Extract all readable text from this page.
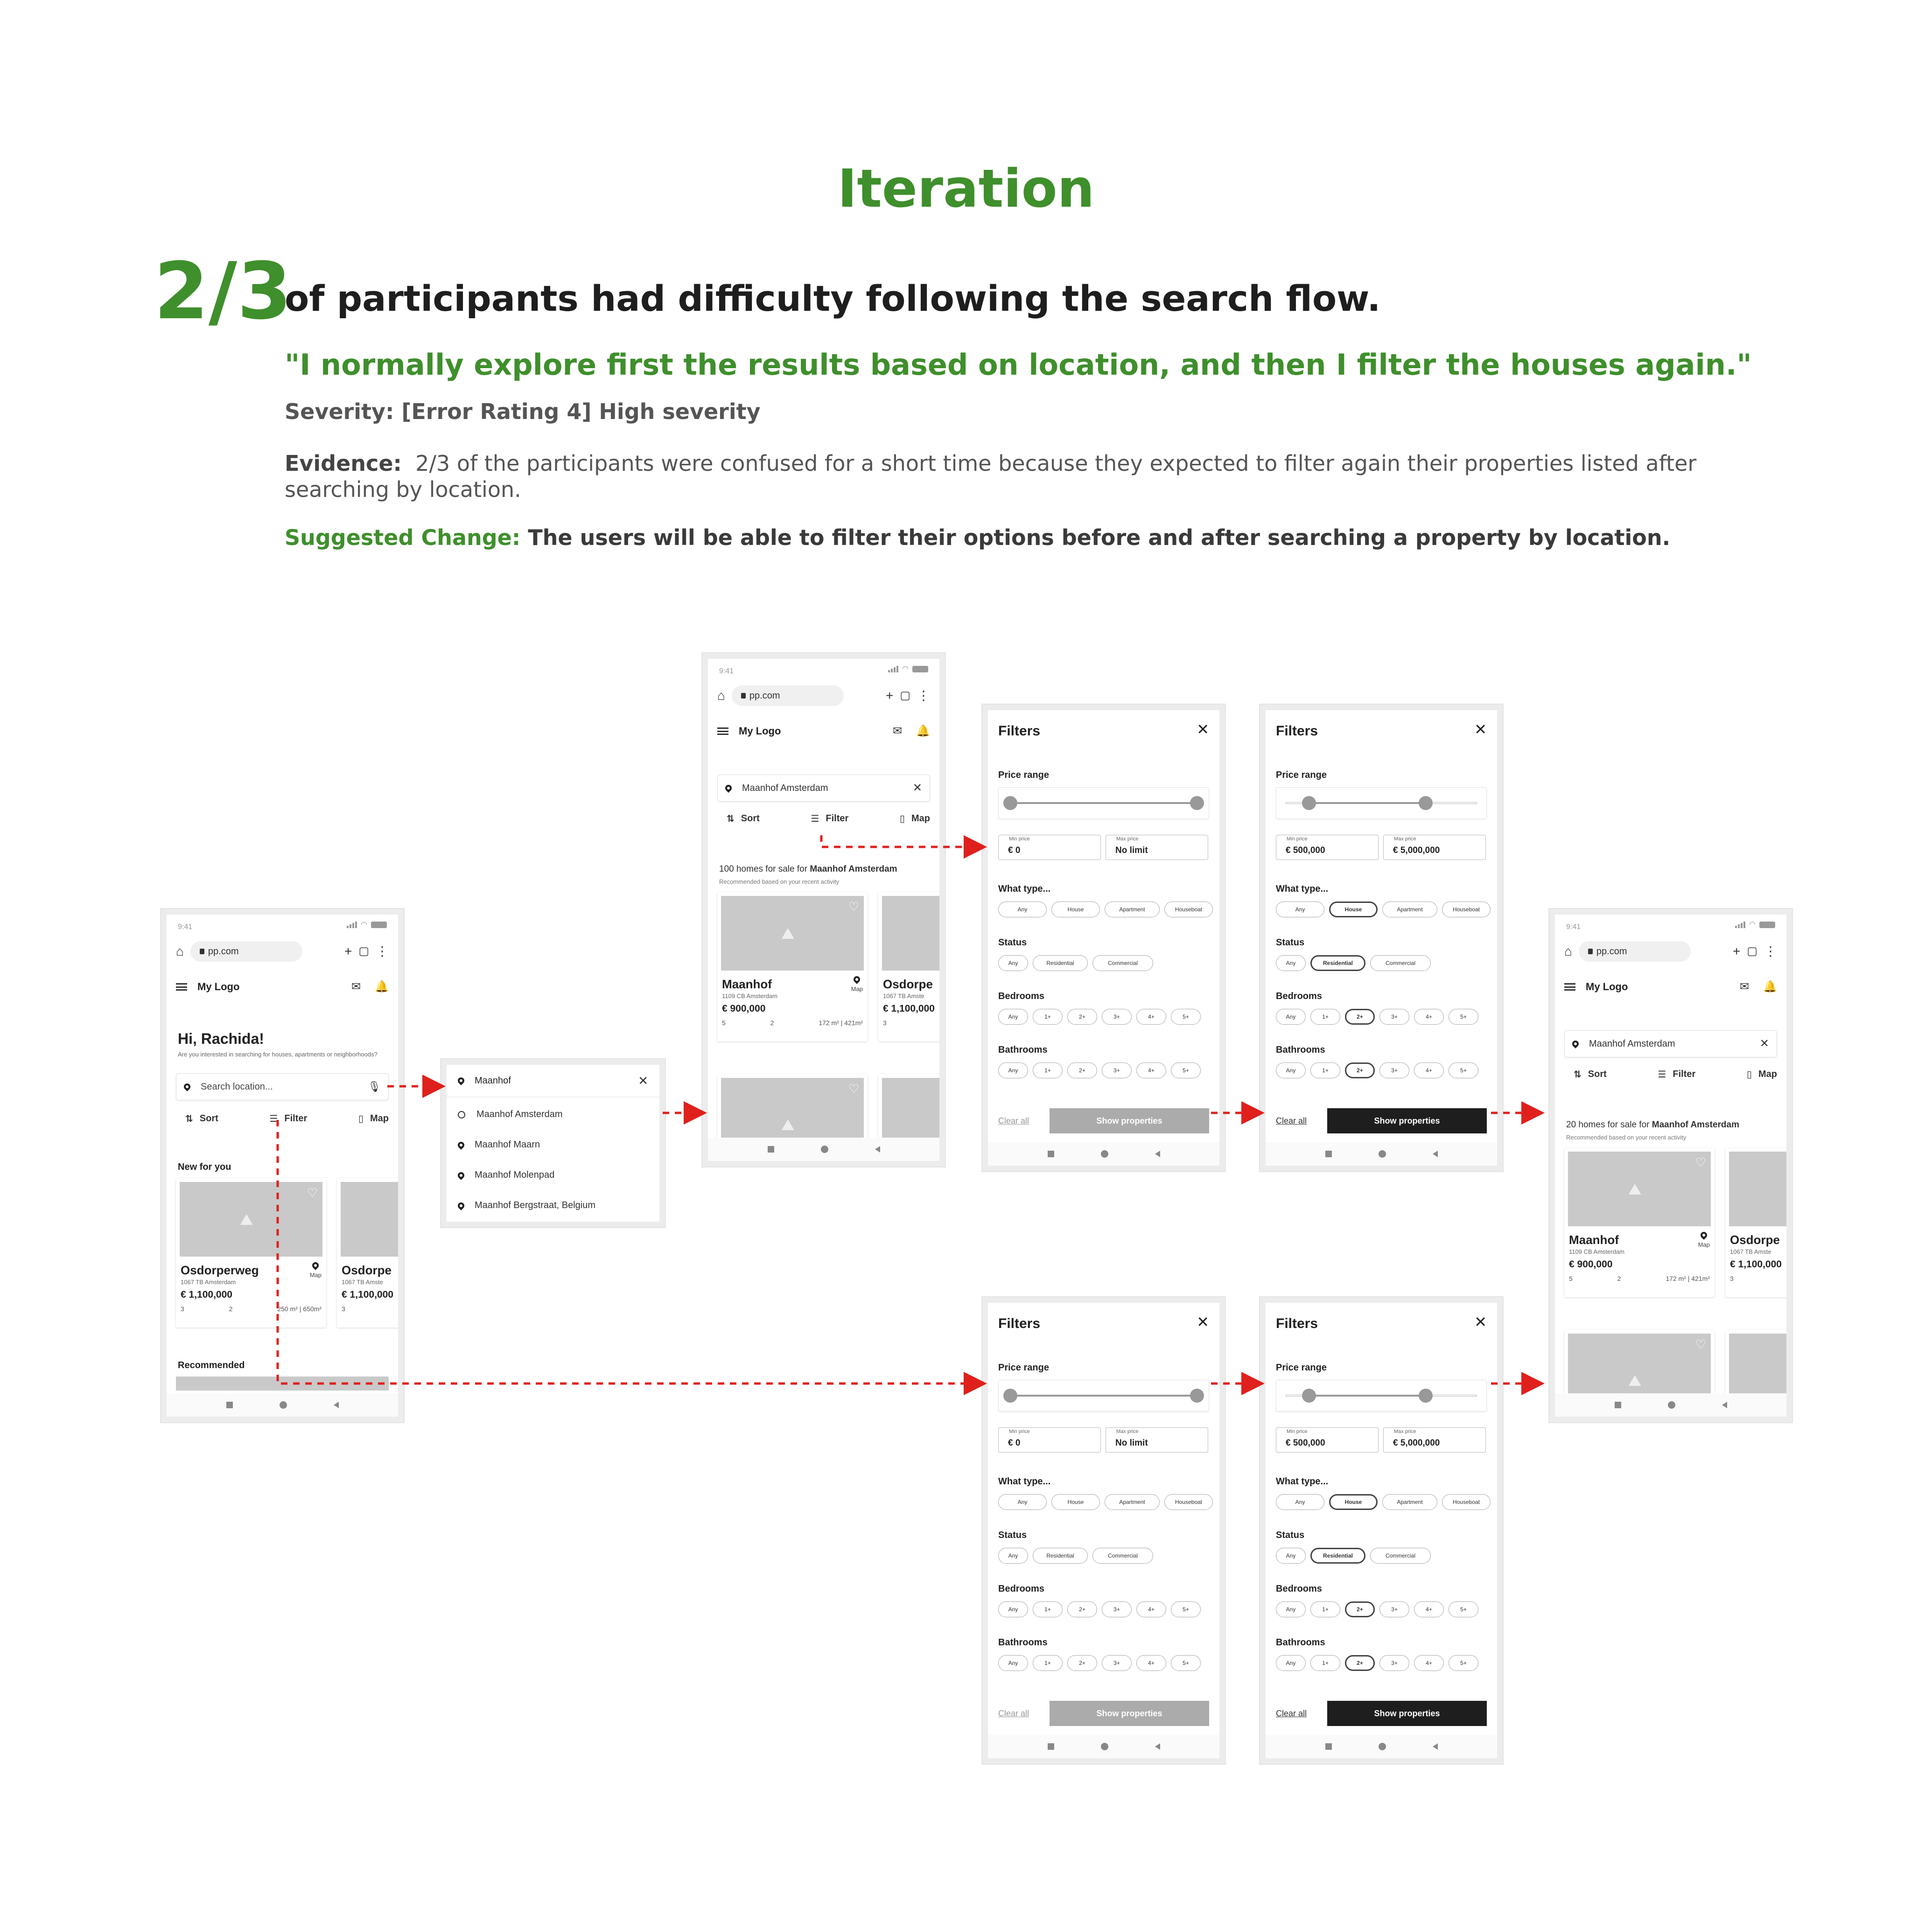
Iteration
2/3
of participants had difficulty following the search flow.
"I normally explore first the results based on location, and then I filter the houses again."
Severity: [Error Rating 4] High severity
Evidence: 2/3 of the participants were confused for a short time because they expected to filter again their properties listed after searching by location.
Suggested Change: The users will be able to filter their options before and after searching a property by location.
9:41	◠
⌂	pp.com	+ ▢ ⋮
My Logo	✉ 🔔
Hi, Rachida!
Are you interested in searching for houses, apartments or neighborhoods?
Search location...	🎙
⇅ Sort	☰ Filter	▯ Map
New for you
⛰
♡
Osdorperweg
1067 TB Amsterdam
€ 1,100,000
Map
3	2	250 m² | 650m²
Osdorpe
1067 TB Amste
€ 1,100,000
3
Recommended
Maanhof	✕
Maanhof Amsterdam
Maanhof Maarn
Maanhof Molenpad
Maanhof Bergstraat, Belgium
9:41	◠
⌂	pp.com	+ ▢ ⋮
My Logo	✉ 🔔
Maanhof Amsterdam	✕
⇅ Sort	☰ Filter	▯ Map
100 homes for sale for Maanhof Amsterdam
Recommended based on your recent activity
⛰
♡
Maanhof
1109 CB Amsterdam
€ 900,000
Map
5	2	172 m² | 421m²
Osdorpe
1067 TB Amste
€ 1,100,000
3
⛰
♡
Filters	✕
Price range
Min price
€ 0
Max price
No limit
What type...
Any	House	Apartment	Houseboat
Status
Any	Residential	Commercial
Bedrooms
Any	1+	2+	3+	4+	5+
Bathrooms
Any	1+	2+	3+	4+	5+
Clear all	Show properties
Filters	✕
Price range
Min price
€ 500,000
Max price
€ 5,000,000
What type...
Any	House	Apartment	Houseboat
Status
Any	Residential	Commercial
Bedrooms
Any	1+	2+	3+	4+	5+
Bathrooms
Any	1+	2+	3+	4+	5+
Clear all	Show properties
Filters	✕
Price range
Min price
€ 0
Max price
No limit
What type...
Any	House	Apartment	Houseboat
Status
Any	Residential	Commercial
Bedrooms
Any	1+	2+	3+	4+	5+
Bathrooms
Any	1+	2+	3+	4+	5+
Clear all	Show properties
Filters	✕
Price range
Min price
€ 500,000
Max price
€ 5,000,000
What type...
Any	House	Apartment	Houseboat
Status
Any	Residential	Commercial
Bedrooms
Any	1+	2+	3+	4+	5+
Bathrooms
Any	1+	2+	3+	4+	5+
Clear all	Show properties
9:41	◠
⌂	pp.com	+ ▢ ⋮
My Logo	✉ 🔔
Maanhof Amsterdam	✕
⇅ Sort	☰ Filter	▯ Map
20 homes for sale for Maanhof Amsterdam
Recommended based on your recent activity
⛰
♡
Maanhof
1109 CB Amsterdam
€ 900,000
Map
5	2	172 m² | 421m²
Osdorpe
1067 TB Amste
€ 1,100,000
3
⛰
♡
